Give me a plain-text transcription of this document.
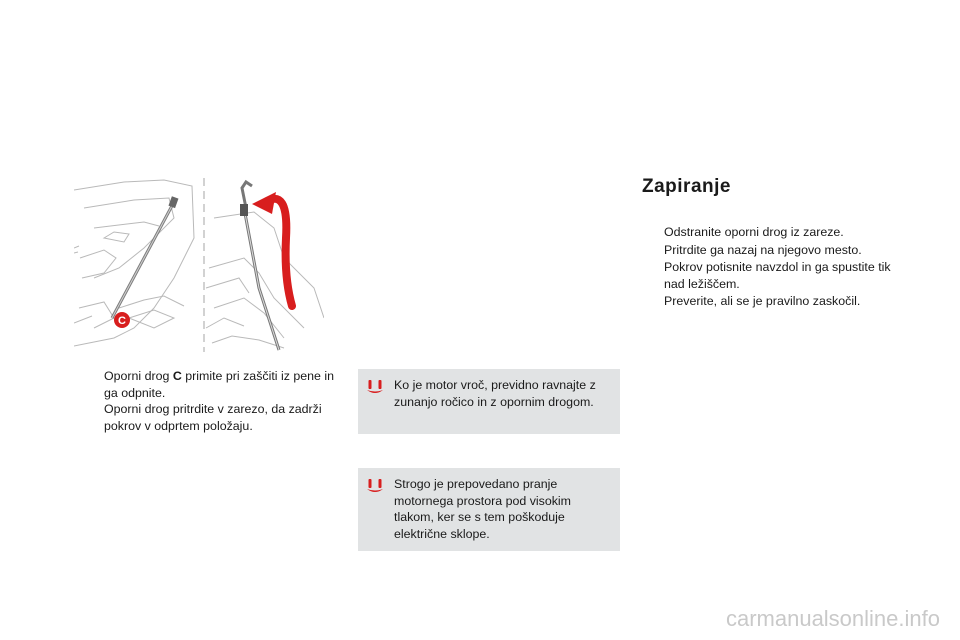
C
Oporni drog C primite pri zaščiti iz pene in ga odpnite.
Oporni drog pritrdite v zarezo, da zadrži pokrov v odprtem položaju.
Ko je motor vroč, previdno ravnajte z zunanjo ročico in z opornim drogom.
Strogo je prepovedano pranje motornega prostora pod visokim tlakom, ker se s tem poškoduje električne sklope.
Zapiranje
Odstranite oporni drog iz zareze.
Pritrdite ga nazaj na njegovo mesto.
Pokrov potisnite navzdol in ga spustite tik nad ležiščem.
Preverite, ali se je pravilno zaskočil.
carmanualsonline.info
